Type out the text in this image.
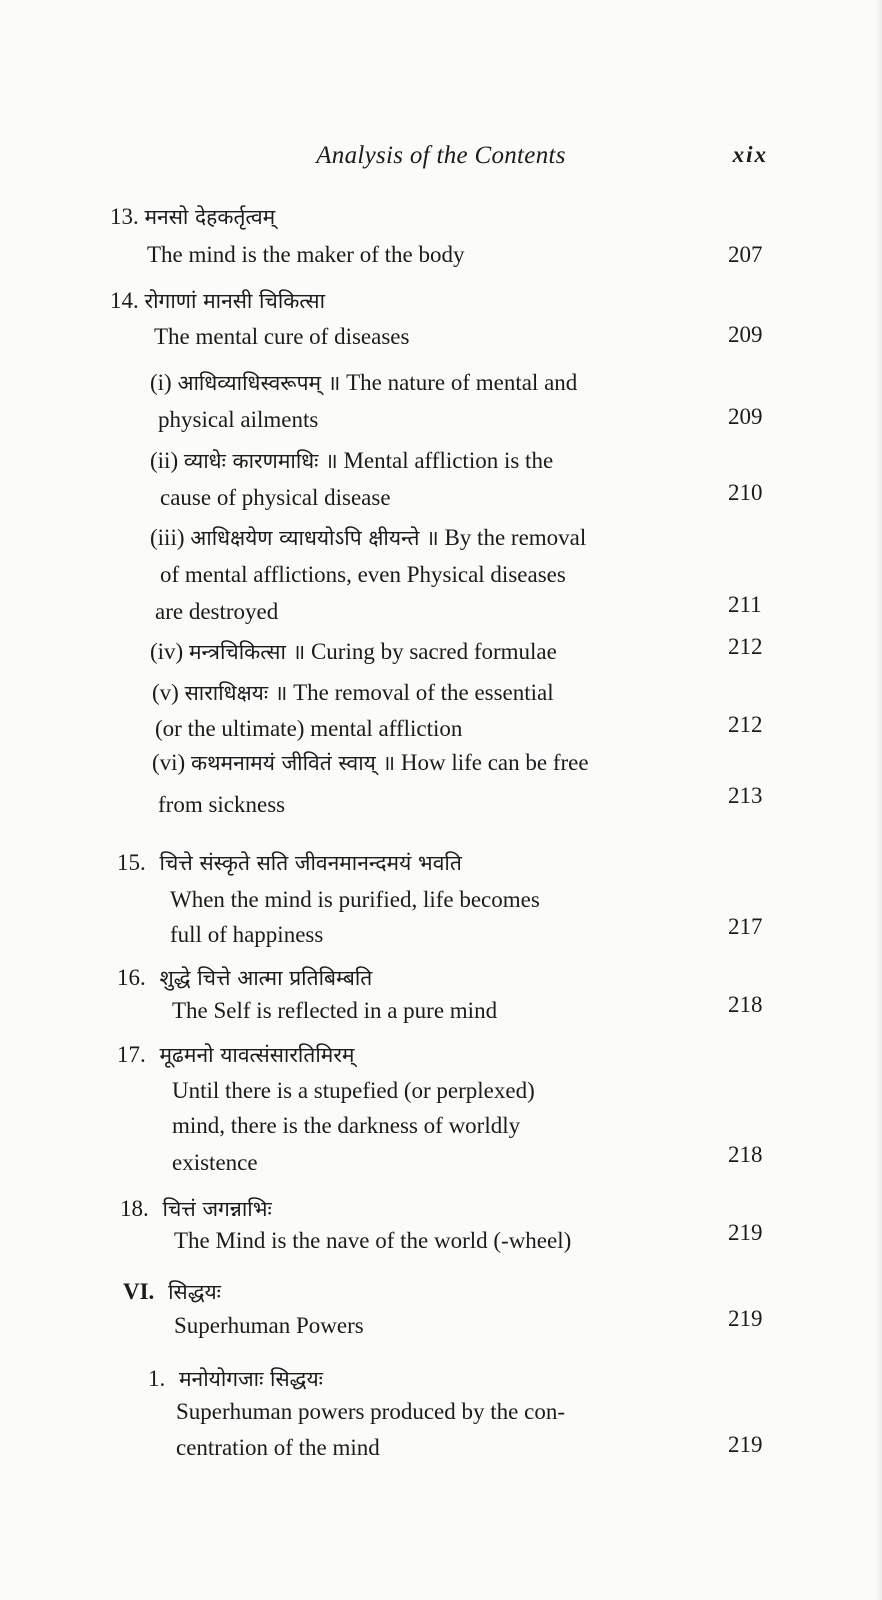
Analysis of the Contents	xix
13. मनसो देहकर्तृत्वम्
The mind is the maker of the body	207
14. रोगाणां मानसी चिकित्सा
The mental cure of diseases	209
(i) आधिव्याधिस्वरूपम् ॥ The nature of mental and
physical ailments	209
(ii) व्याधेः कारणमाधिः ॥ Mental affliction is the
cause of physical disease	210
(iii) आधिक्षयेण व्याधयोऽपि क्षीयन्ते ॥ By the removal
of mental afflictions, even Physical diseases
are destroyed	211
(iv) मन्त्रचिकित्सा ॥ Curing by sacred formulae	212
(v) साराधिक्षयः ॥ The removal of the essential
(or the ultimate) mental affliction	212
(vi) कथमनामयं जीवितं स्वाय् ॥ How life can be free
from sickness	213
15. चित्ते संस्कृते सति जीवनमानन्दमयं भवति
When the mind is purified, life becomes
full of happiness	217
16. शुद्धे चित्ते आत्मा प्रतिबिम्बति
The Self is reflected in a pure mind	218
17. मूढमनो यावत्संसारतिमिरम्
Until there is a stupefied (or perplexed)
mind, there is the darkness of worldly
existence	218
18. चित्तं जगन्नाभिः
The Mind is the nave of the world (-wheel)	219
VI. सिद्धयः
Superhuman Powers	219
1. मनोयोगजाः सिद्धयः
Superhuman powers produced by the con-
centration of the mind	219
